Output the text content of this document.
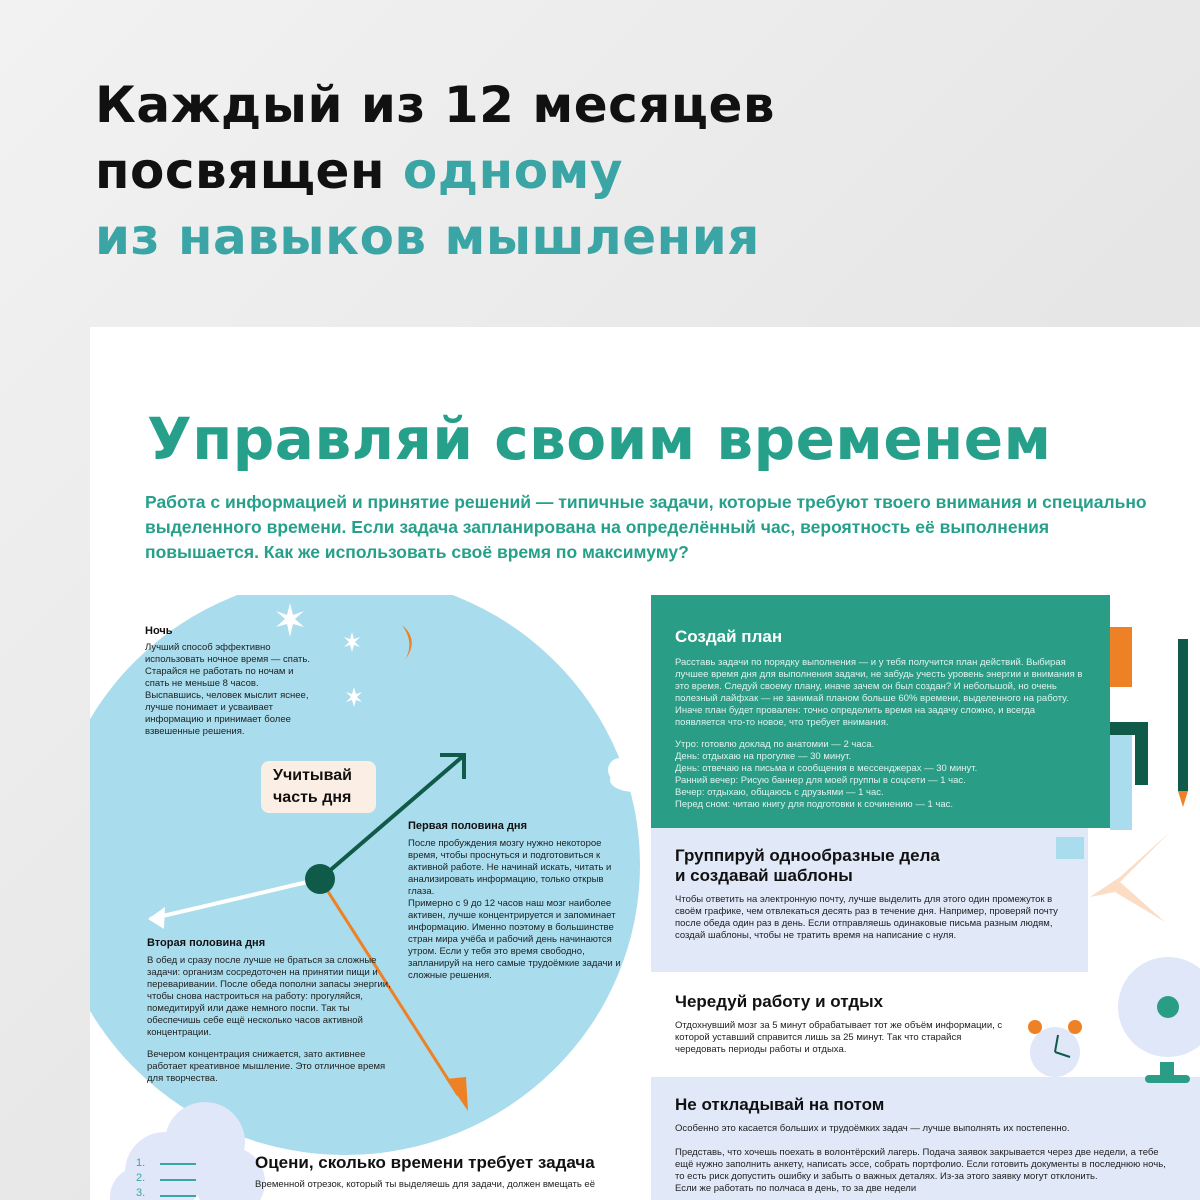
Каждый из 12 месяцев
посвящен одному
из навыков мышления
Управляй своим временем
Работа с информацией и принятие решений — типичные задачи, которые требуют твоего внимания и специально выделенного времени. Если задача запланирована на определённый час, вероятность её выполнения повышается. Как же использовать своё время по максимуму?
Учитывай
часть дня
Ночь
Лучший способ эффективно использовать ночное время — спать. Старайся не работать по ночам и спать не меньше 8 часов. Выспавшись, человек мыслит яснее, лучше понимает и усваивает информацию и принимает более взвешенные решения.
Первая половина дня
После пробуждения мозгу нужно некоторое время, чтобы проснуться и подготовиться к активной работе. Не начинай искать, читать и анализировать информацию, только открыв глаза.
Примерно с 9 до 12 часов наш мозг наиболее активен, лучше концентрируется и запоминает информацию. Именно поэтому в большинстве стран мира учёба и рабочий день начинаются утром. Если у тебя это время свободно, запланируй на него самые трудоёмкие задачи и сложные решения.
Вторая половина дня
В обед и сразу после лучше не браться за сложные задачи: организм сосредоточен на принятии пищи и переваривании. После обеда пополни запасы энергии, чтобы снова настроиться на работу: прогуляйся, помедитируй или даже немного поспи. Так ты обеспечишь себе ещё несколько часов активной концентрации.
Вечером концентрация снижается, зато активнее работает креативное мышление. Это отличное время для творчества.
1.
2.
3.
Оцени, сколько времени требует задача
Временной отрезок, который ты выделяешь для задачи, должен вмещать её
Создай план
Расставь задачи по порядку выполнения — и у тебя получится план действий. Выбирая лучшее время дня для выполнения задачи, не забудь учесть уровень энергии и внимания в это время. Следуй своему плану, иначе зачем он был создан? И небольшой, но очень полезный лайфхак — не занимай планом больше 60% времени, выделенного на работу. Иначе план будет провален: точно определить время на задачу сложно, и всегда появляется что-то новое, что требует внимания.
Утро: готовлю доклад по анатомии — 2 часа.
День: отдыхаю на прогулке — 30 минут.
День: отвечаю на письма и сообщения в мессенджерах — 30 минут.
Ранний вечер: Рисую баннер для моей группы в соцсети — 1 час.
Вечер: отдыхаю, общаюсь с друзьями — 1 час.
Перед сном: читаю книгу для подготовки к сочинению — 1 час.
Группируй однообразные дела
и создавай шаблоны
Чтобы ответить на электронную почту, лучше выделить для этого один промежуток в своём графике, чем отвлекаться десять раз в течение дня. Например, проверяй почту после обеда один раз в день. Если отправляешь одинаковые письма разным людям, создай шаблоны, чтобы не тратить время на написание с нуля.
Чередуй работу и отдых
Отдохнувший мозг за 5 минут обрабатывает тот же объём информации, с которой уставший справится лишь за 25 минут. Так что старайся чередовать периоды работы и отдыха.
Не откладывай на потом
Особенно это касается больших и трудоёмких задач — лучше выполнять их постепенно.
Представь, что хочешь поехать в волонтёрский лагерь. Подача заявок закрывается через две недели, а тебе ещё нужно заполнить анкету, написать эссе, собрать портфолио. Если готовить документы в последнюю ночь, то есть риск допустить ошибку и забыть о важных деталях. Из-за этого заявку могут отклонить.
Если же работать по полчаса в день, то за две недели
